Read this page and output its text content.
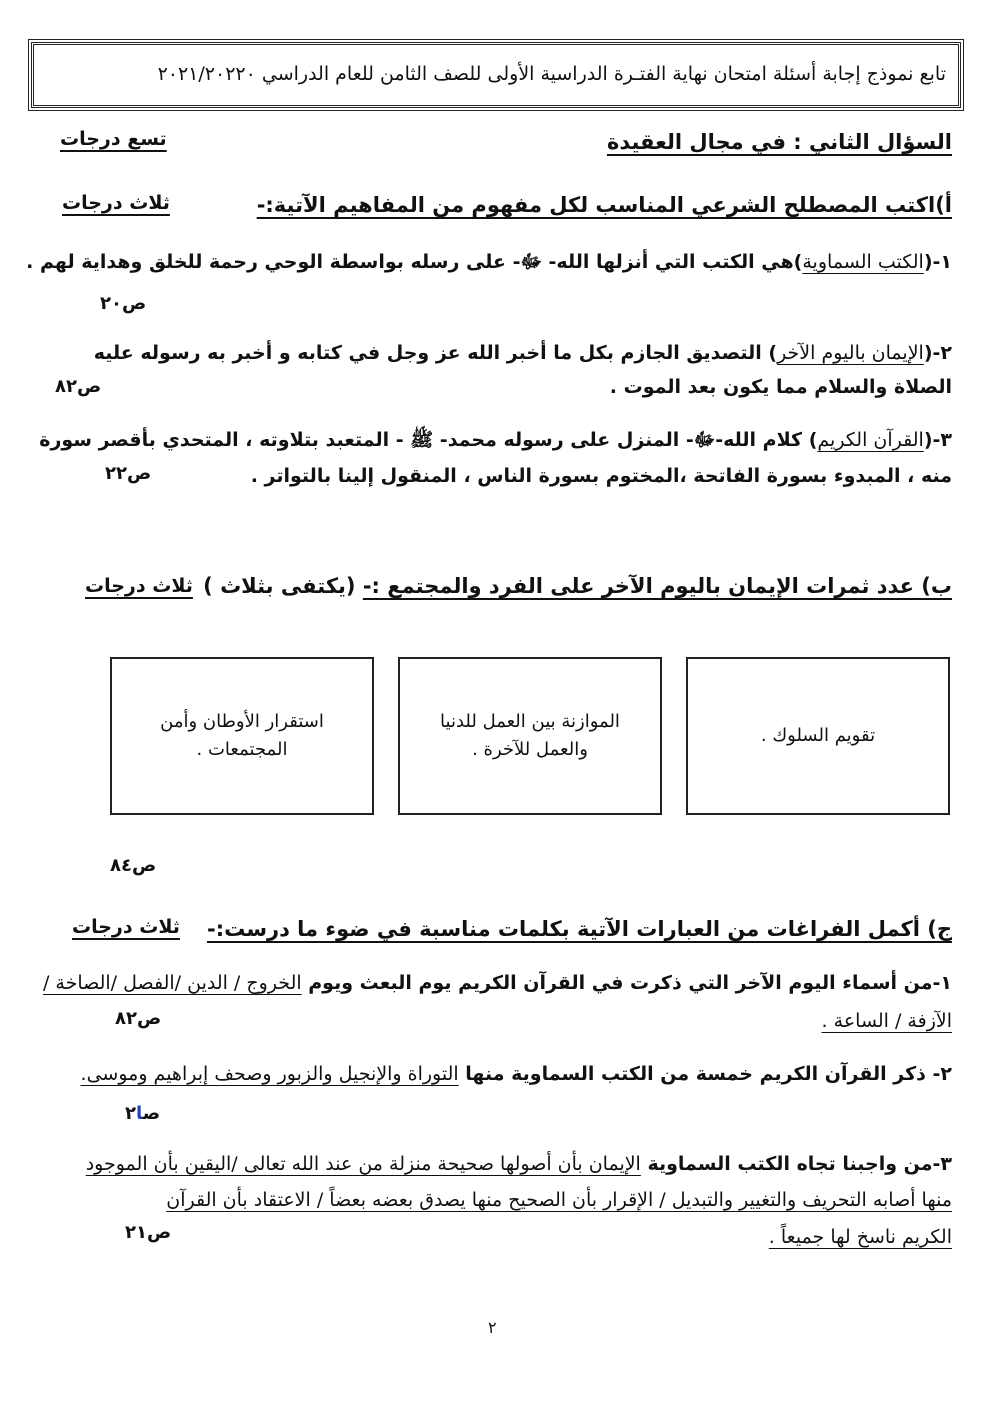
تابع نموذج إجابة أسئلة امتحان نهاية الفتـرة الدراسية الأولى للصف الثامن للعام الدراسي ٢٠٢١/٢٠٢٢٠
السؤال الثاني : في مجال العقيدة
تسع درجات
أ)اكتب المصطلح الشرعي المناسب لكل مفهوم من المفاهيم الآتية:-
ثلاث درجات
١-(الكتب السماوية)هي الكتب التي أنزلها الله- ﷻ- على رسله بواسطة الوحي رحمة للخلق وهداية لهم .
ص٢٠
٢-(الإيمان باليوم الآخر) التصديق الجازم بكل ما أخبر الله عز وجل في كتابه و أخبر به رسوله عليه
الصلاة والسلام مما يكون بعد الموت .
ص٨٢
٣-(القرآن الكريم) كلام الله-ﷻ- المنزل على رسوله محمد- ﷺ - المتعبد بتلاوته ، المتحدي بأقصر سورة
منه ، المبدوء بسورة الفاتحة ،المختوم بسورة الناس ، المنقول إلينا بالتواتر .
ص٢٢
ب) عدد ثمرات الإيمان باليوم الآخر على الفرد والمجتمع :- (يكتفى بثلاث )
ثلاث درجات
تقويم السلوك .
الموازنة بين العمل للدنيا والعمل للآخرة .
استقرار الأوطان وأمن المجتمعات .
ص٨٤
ج) أكمل الفراغات من العبارات الآتية بكلمات مناسبة في ضوء ما درست:-
ثلاث درجات
١-من أسماء اليوم الآخر التي ذكرت في القرآن الكريم يوم البعث ويوم الخروج / الدين /الفصل /الصاخة /
الآزفة / الساعة .
ص٨٢
٢- ذكر القرآن الكريم خمسة من الكتب السماوية منها التوراة والإنجيل والزبور وصحف إبراهيم وموسى.
صا٢
٣-من واجبنا تجاه الكتب السماوية الإيمان بأن أصولها صحيحة منزلة من عند الله تعالى /اليقين بأن الموجود
منها أصابه التحريف والتغيير والتبديل / الإقرار بأن الصحيح منها يصدق بعضه بعضاً / الاعتقاد بأن القرآن
الكريم ناسخ لها جميعاً .
ص٢١
٢
